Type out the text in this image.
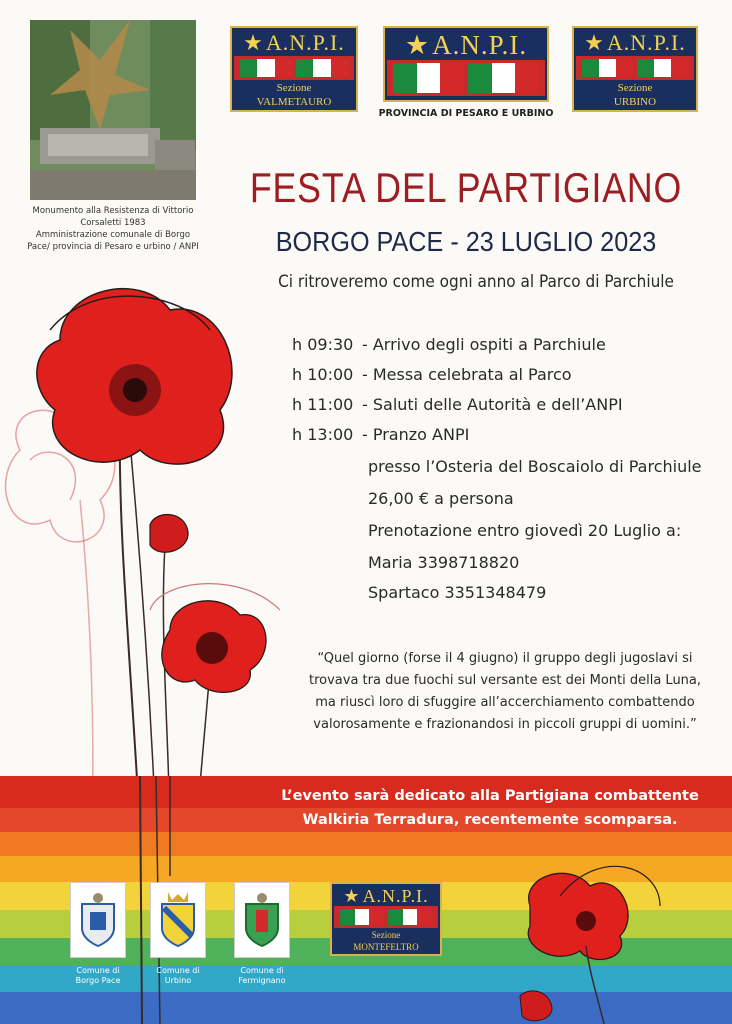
Monumento alla Resistenza di Vittorio
Corsaletti 1983
Amministrazione comunale di Borgo
Pace/ provincia di Pesaro e urbino / ANPI
★ A.N.P.I.
Sezione
VALMETAURO
★ A.N.P.I.
PROVINCIA DI PESARO E URBINO
★ A.N.P.I.
Sezione
URBINO
FESTA DEL PARTIGIANO
BORGO PACE - 23 LUGLIO 2023
Ci ritroveremo come ogni anno al Parco di Parchiule
h 09:30 - Arrivo degli ospiti a Parchiule
h 10:00 - Messa celebrata al Parco
h 11:00 - Saluti delle Autorità e dell’ANPI
h 13:00 - Pranzo ANPI
presso l’Osteria del Boscaiolo di Parchiule
26,00 € a persona
Prenotazione entro giovedì 20 Luglio a:
Maria 3398718820
Spartaco 3351348479
“Quel giorno (forse il 4 giugno) il gruppo degli jugoslavi si trovava tra due fuochi sul versante est dei Monti della Luna, ma riuscì loro di sfuggire all’accerchiamento combattendo valorosamente e frazionandosi in piccoli gruppi di uomini.”
L’evento sarà dedicato alla Partigiana combattente
Walkiria Terradura, recentemente scomparsa.
Comune di
Borgo Pace
Comune di
Urbino
Comune di
Fermignano
★ A.N.P.I.
Sezione
MONTEFELTRO
